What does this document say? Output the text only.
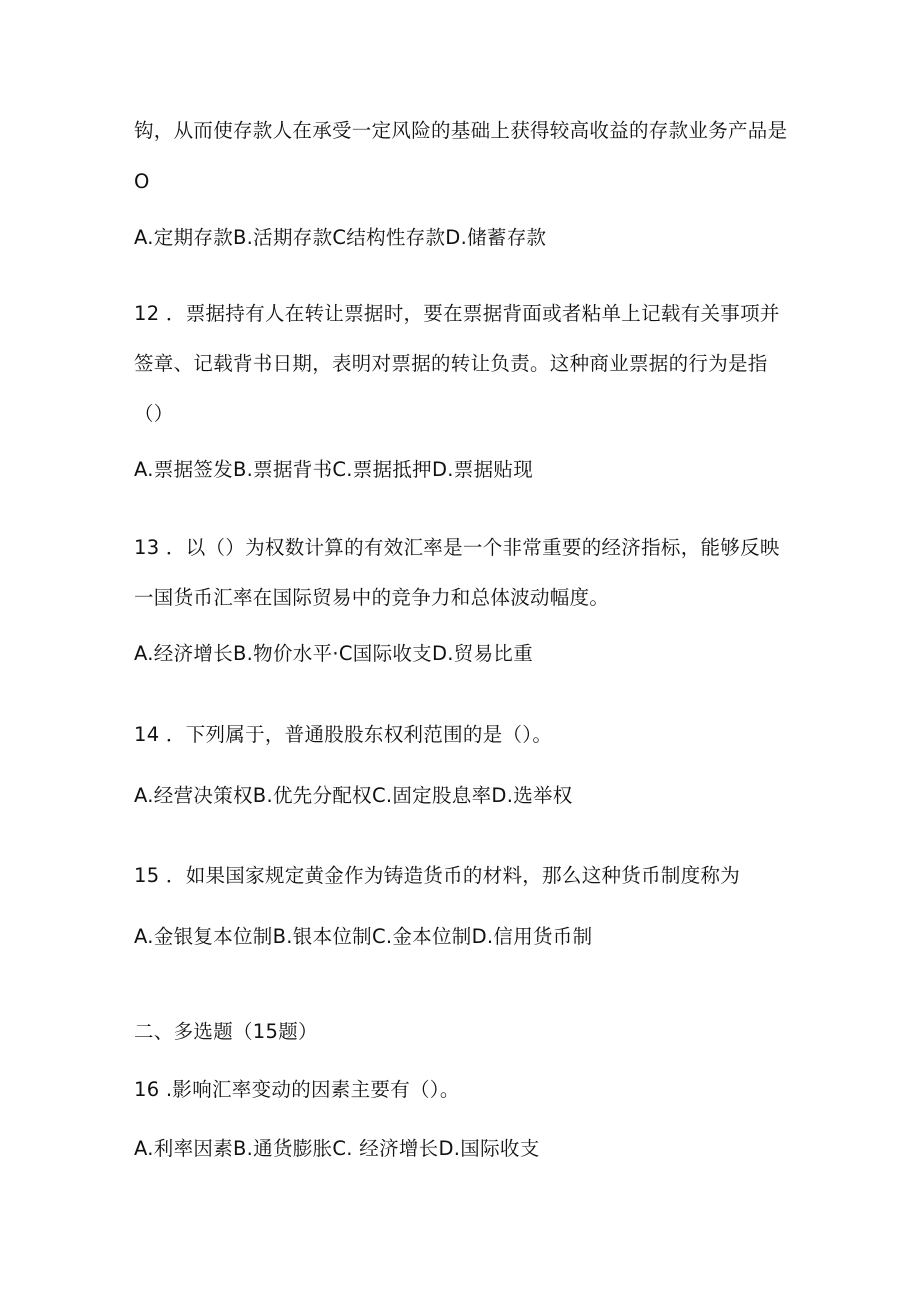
钩，从而使存款人在承受一定风险的基础上获得较高收益的存款业务产品是
O
A.定期存款B.活期存款C结构性存款D.储蓄存款
12 ．票据持有人在转让票据时，要在票据背面或者粘单上记载有关事项并
签章、记载背书日期，表明对票据的转让负责。这种商业票据的行为是指
（）
A.票据签发B.票据背书C.票据抵押D.票据贴现
13 ．以（）为权数计算的有效汇率是一个非常重要的经济指标，能够反映
一国货币汇率在国际贸易中的竞争力和总体波动幅度。
A.经济增长B.物价水平·C国际收支D.贸易比重
14 ．下列属于，普通股股东权利范围的是（）。
A.经营决策权B.优先分配权C.固定股息率D.选举权
15 ．如果国家规定黄金作为铸造货币的材料，那么这种货币制度称为
A.金银复本位制B.银本位制C.金本位制D.信用货币制
二、多选题（15题）
16 .影响汇率变动的因素主要有（）。
A.利率因素B.通货膨胀C. 经济增长D.国际收支
